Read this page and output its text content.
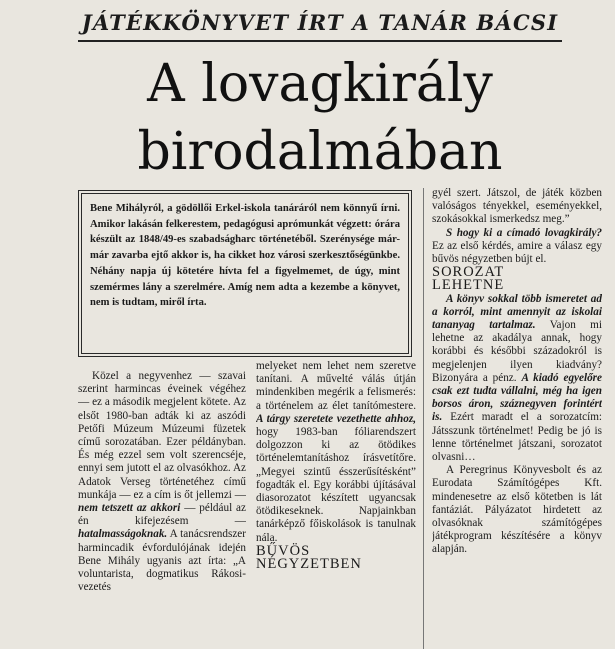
JÁTÉKKÖNYVET ÍRT A TANÁR BÁCSI
A lovagkirály
birodalmában
Bene Mihályról, a gödöllői Erkel-iskola tanáráról nem könnyű írni. Amikor lakásán felkerestem, pedagógusi aprómunkát végzett: órára készült az 1848/49-es szabadságharc történetéből. Szerénysége már-már zavarba ejtő akkor is, ha cikket hoz városi szerkesztőségünkbe. Néhány napja új kötetére hívta fel a figyelmemet, de úgy, mint szemérmes lány a szerelmére. Amíg nem adta a kezembe a könyvet, nem is tudtam, miről írta.

Közel a negyvenhez — szavai szerint harmincas éveinek végéhez — ez a második megjelent kötete. Az elsőt 1980-ban adták ki az aszódi Petőfi Múzeum Múzeumi füzetek című sorozatában. Ezer példányban. És még ezzel sem volt szerencséje, ennyi sem jutott el az olvasókhoz. Az Adatok Verseg történetéhez című munkája — ez a cím is őt jellemzi — nem tetszett az akkori — például az én kifejezésem — hatalmasságoknak. A tanácsrendszer harmincadik évfordulójának idején Bene Mihály ugyanis azt írta: „A voluntarista, dogmatikus Rákosi-vezetés

melyeket nem lehet nem szeretve tanítani. A művelté válás útján mindenkiben megérik a felismerés: a történelem az élet tanítómestere. A tárgy szeretete vezethette ahhoz, hogy 1983-ban fóliarendszert dolgozzon ki az ötödikes történelemtanításhoz írásvetítőre. „Megyei szintű ésszerűsítésként” fogadták el. Egy korábbi újításával diasorozatot készített ugyancsak ötödikeseknek. Napjainkban tanárképző főiskolások is tanulnak nála.

BŰVÖS

NÉGYZETBEN

gyél szert. Játszol, de játék közben valóságos tényekkel, eseményekkel, szokásokkal ismerkedsz meg.”

S hogy ki a címadó lovagkirály? Ez az első kérdés, amire a válasz egy bűvös négyzetben bújt el.

SOROZAT

LEHETNE

A könyv sokkal több ismeretet ad a korról, mint amennyit az iskolai tananyag tartalmaz. Vajon mi lehetne az akadálya annak, hogy korábbi és későbbi századokról is megjelenjen ilyen kiadvány? Bizonyára a pénz. A kiadó egyelőre csak ezt tudta vállalni, még ha igen borsos áron, száznegyven forintért is. Ezért maradt el a sorozatcím: Játsszunk történelmet! Pedig be jó is lenne történelmet játszani, sorozatot olvasni…

A Peregrinus Könyvesbolt és az Eurodata Számítógépes Kft. mindenesetre az első kötetben is lát fantáziát. Pályázatot hirdetett az olvasóknak számítógépes játékprogram készítésére a könyv alapján.
